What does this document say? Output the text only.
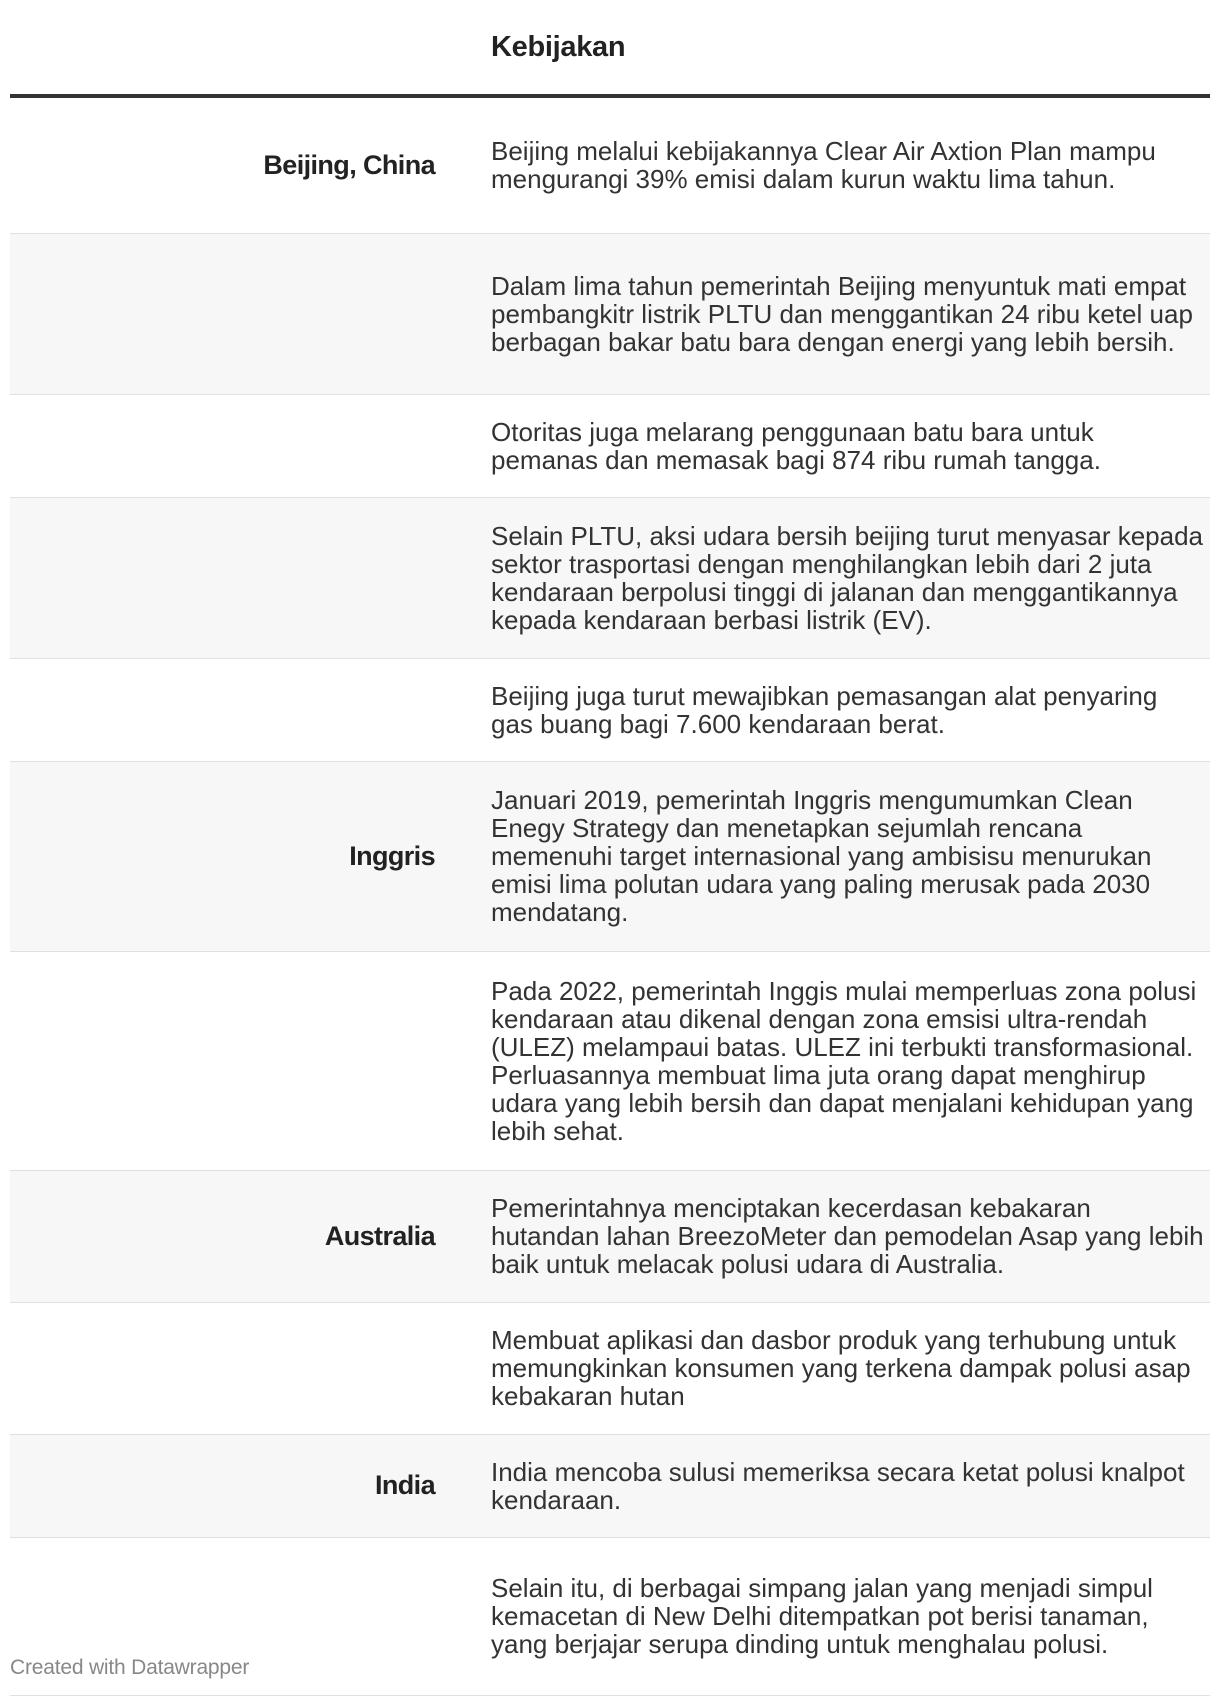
	Kebijakan
Beijing, China	Beijing melalui kebijakannya Clear Air Axtion Plan mampu mengurangi 39% emisi dalam kurun waktu lima tahun.
	Dalam lima tahun pemerintah Beijing menyuntuk mati empat pembangkitr listrik PLTU dan menggantikan 24 ribu ketel uap berbagan bakar batu bara dengan energi yang lebih bersih.
	Otoritas juga melarang penggunaan batu bara untuk pemanas dan memasak bagi 874 ribu rumah tangga.
	Selain PLTU, aksi udara bersih beijing turut menyasar kepada sektor trasportasi dengan menghilangkan lebih dari 2 juta kendaraan berpolusi tinggi di jalanan dan menggantikannya kepada kendaraan berbasi listrik (EV).
	Beijing juga turut mewajibkan pemasangan alat penyaring gas buang bagi 7.600 kendaraan berat.
Inggris	Januari 2019, pemerintah Inggris mengumumkan Clean Enegy Strategy dan menetapkan sejumlah rencana memenuhi target internasional yang ambisisu menurukan emisi lima polutan udara yang paling merusak pada 2030 mendatang.
	Pada 2022, pemerintah Inggis mulai memperluas zona polusi kendaraan atau dikenal dengan zona emsisi ultra-rendah (ULEZ) melampaui batas. ULEZ ini terbukti transformasional. Perluasannya membuat lima juta orang dapat menghirup udara yang lebih bersih dan dapat menjalani kehidupan yang lebih sehat.
Australia	Pemerintahnya menciptakan kecerdasan kebakaran hutandan lahan BreezoMeter dan pemodelan Asap yang lebih baik untuk melacak polusi udara di Australia.
	Membuat aplikasi dan dasbor produk yang terhubung untuk memungkinkan konsumen yang terkena dampak polusi asap kebakaran hutan
India	India mencoba sulusi memeriksa secara ketat polusi knalpot kendaraan.
	Selain itu, di berbagai simpang jalan yang menjadi simpul kemacetan di New Delhi ditempatkan pot berisi tanaman, yang berjajar serupa dinding untuk menghalau polusi.
Created with Datawrapper
